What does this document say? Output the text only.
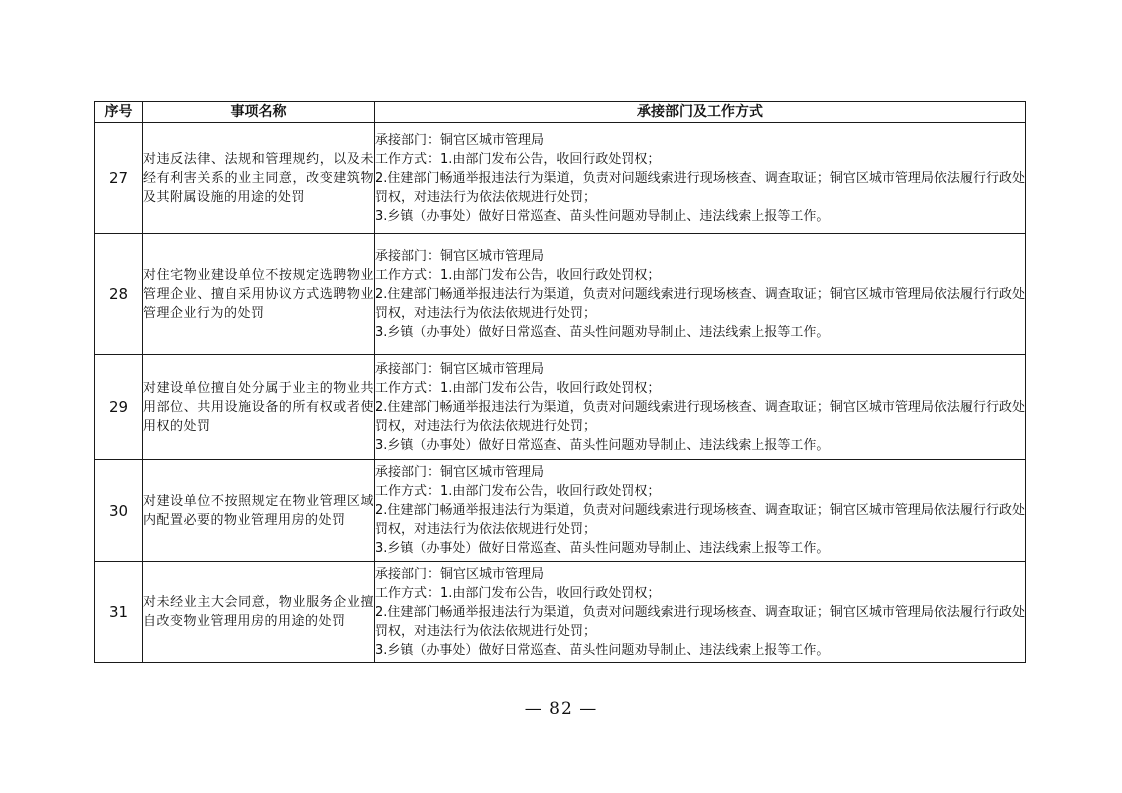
序号	事项名称	承接部门及工作方式
27	对违反法律、法规和管理规约，以及未经有利害关系的业主同意，改变建筑物及其附属设施的用途的处罚	承接部门：铜官区城市管理局
工作方式：1.由部门发布公告，收回行政处罚权；
2.住建部门畅通举报违法行为渠道，负责对问题线索进行现场核查、调查取证；铜官区城市管理局依法履行行政处罚权，对违法行为依法依规进行处罚；
3.乡镇（办事处）做好日常巡查、苗头性问题劝导制止、违法线索上报等工作。

28	对住宅物业建设单位不按规定选聘物业管理企业、擅自采用协议方式选聘物业管理企业行为的处罚	承接部门：铜官区城市管理局
工作方式：1.由部门发布公告，收回行政处罚权；
2.住建部门畅通举报违法行为渠道，负责对问题线索进行现场核查、调查取证；铜官区城市管理局依法履行行政处罚权，对违法行为依法依规进行处罚；
3.乡镇（办事处）做好日常巡查、苗头性问题劝导制止、违法线索上报等工作。

29	对建设单位擅自处分属于业主的物业共用部位、共用设施设备的所有权或者使用权的处罚	承接部门：铜官区城市管理局
工作方式：1.由部门发布公告，收回行政处罚权；
2.住建部门畅通举报违法行为渠道，负责对问题线索进行现场核查、调查取证；铜官区城市管理局依法履行行政处罚权，对违法行为依法依规进行处罚；
3.乡镇（办事处）做好日常巡查、苗头性问题劝导制止、违法线索上报等工作。

30	对建设单位不按照规定在物业管理区域内配置必要的物业管理用房的处罚	承接部门：铜官区城市管理局
工作方式：1.由部门发布公告，收回行政处罚权；
2.住建部门畅通举报违法行为渠道，负责对问题线索进行现场核查、调查取证；铜官区城市管理局依法履行行政处罚权，对违法行为依法依规进行处罚；
3.乡镇（办事处）做好日常巡查、苗头性问题劝导制止、违法线索上报等工作。

31	对未经业主大会同意，物业服务企业擅自改变物业管理用房的用途的处罚	承接部门：铜官区城市管理局
工作方式：1.由部门发布公告，收回行政处罚权；
2.住建部门畅通举报违法行为渠道，负责对问题线索进行现场核查、调查取证；铜官区城市管理局依法履行行政处罚权，对违法行为依法依规进行处罚；
3.乡镇（办事处）做好日常巡查、苗头性问题劝导制止、违法线索上报等工作。
— 82 —
